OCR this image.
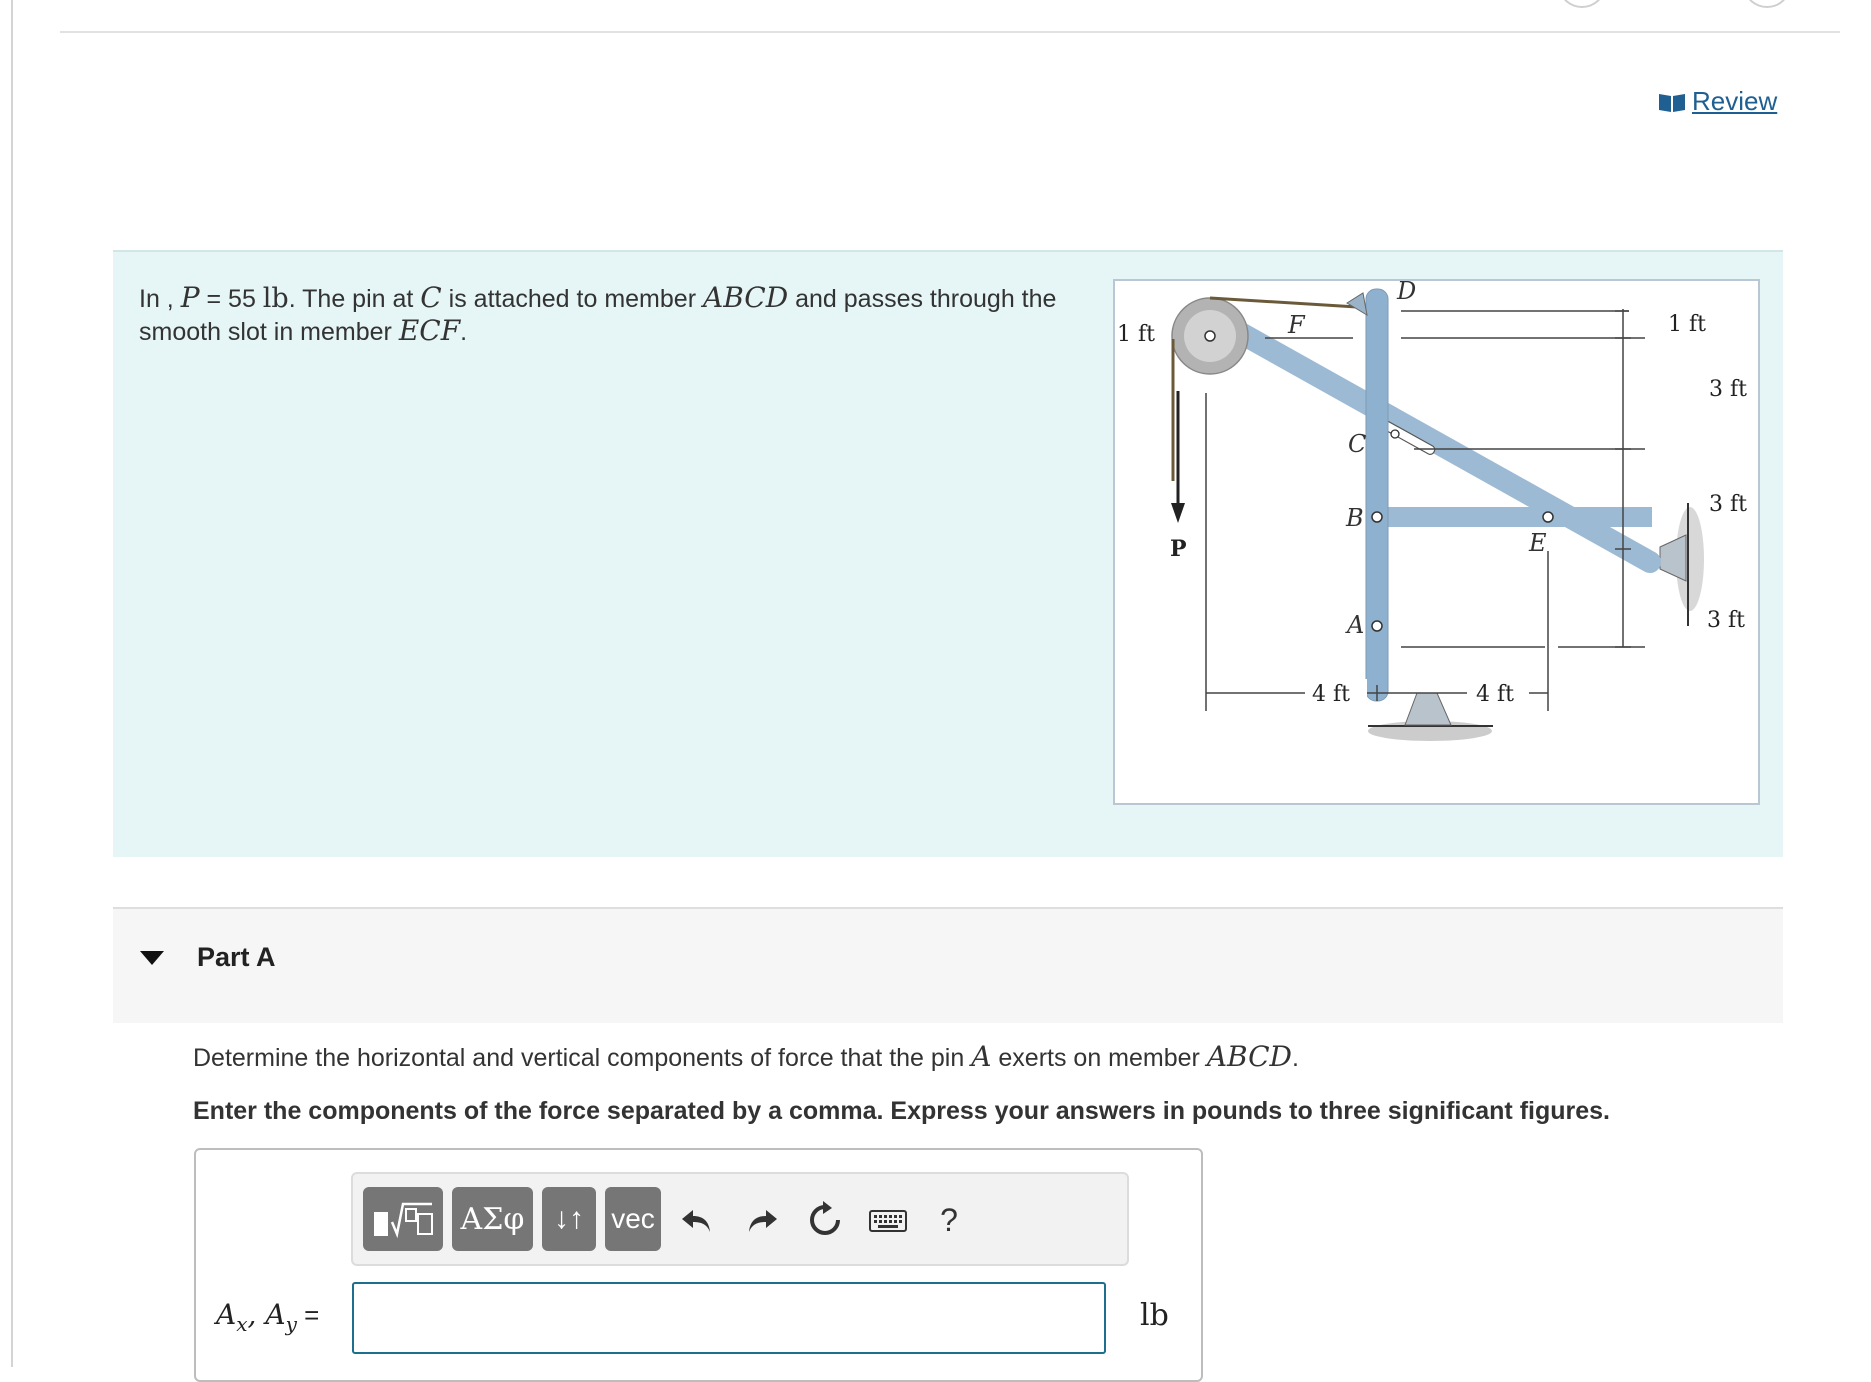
Review
In , P = 55 lb. The pin at C is attached to member ABCD and passes through the smooth slot in member ECF.
D
F
C
B
A
E
P
1 ft	1 ft
3 ft
3 ft
3 ft
4 ft	4 ft
Part A
Determine the horizontal and vertical components of force that the pin A exerts on member ABCD.
Enter the components of the force separated by a comma. Express your answers in pounds to three significant figures.
ΑΣφ ↓↑ vec	?
$A_x$, $A_y$ =	lb
